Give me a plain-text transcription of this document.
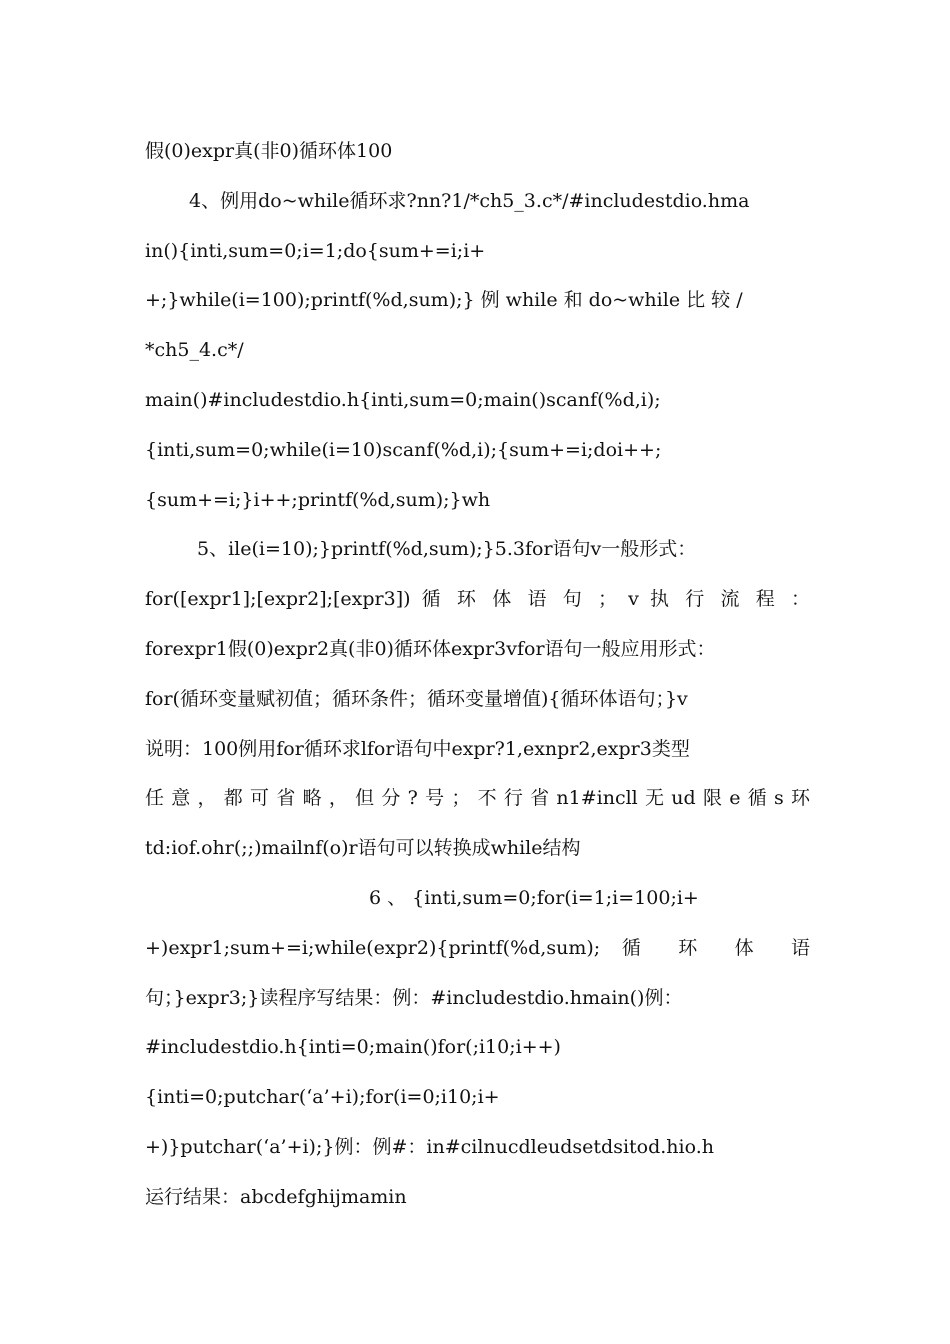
假(0)expr真(非0)循环体100
4、例用do~while循环求?nn?1/*ch5_3.c*/#includestdio.hma
in(){inti,sum=0;i=1;do{sum+=i;i+
+;}while(i=100);printf(%d,sum);} 例 while 和 do~while 比 较 /
*ch5_4.c*/
main()#includestdio.h{inti,sum=0;main()scanf(%d,i);
{inti,sum=0;while(i=10)scanf(%d,i);{sum+=i;doi++;
{sum+=i;}i++;printf(%d,sum);}wh
5、ile(i=10);}printf(%d,sum);}5.3for语句v一般形式：
for([expr1];[expr2];[expr3]) 循 环 体 语 句 ； v 执 行 流 程 ：
forexpr1假(0)expr2真(非0)循环体expr3vfor语句一般应用形式：
for(循环变量赋初值；循环条件；循环变量增值){循环体语句；}v
说明：100例用for循环求lfor语句中expr?1,exnpr2,expr3类型
任意，都可省略，但分?号；不行省n1#incll无ud限e循s环
td:iof.ohr(;;)mailnf(o)r语句可以转换成while结构
6 、 {inti,sum=0;for(i=1;i=100;i+
+)expr1;sum+=i;while(expr2){printf(%d,sum); 循 环 体 语
句；}expr3;}读程序写结果：例：#includestdio.hmain()例：
#includestdio.h{inti=0;main()for(;i10;i++)
{inti=0;putchar(‘a’+i);for(i=0;i10;i+
+)}putchar(‘a’+i);}例：例#：in#cilnucdleudsetdsitod.hio.h
运行结果：abcdefghijmamin
